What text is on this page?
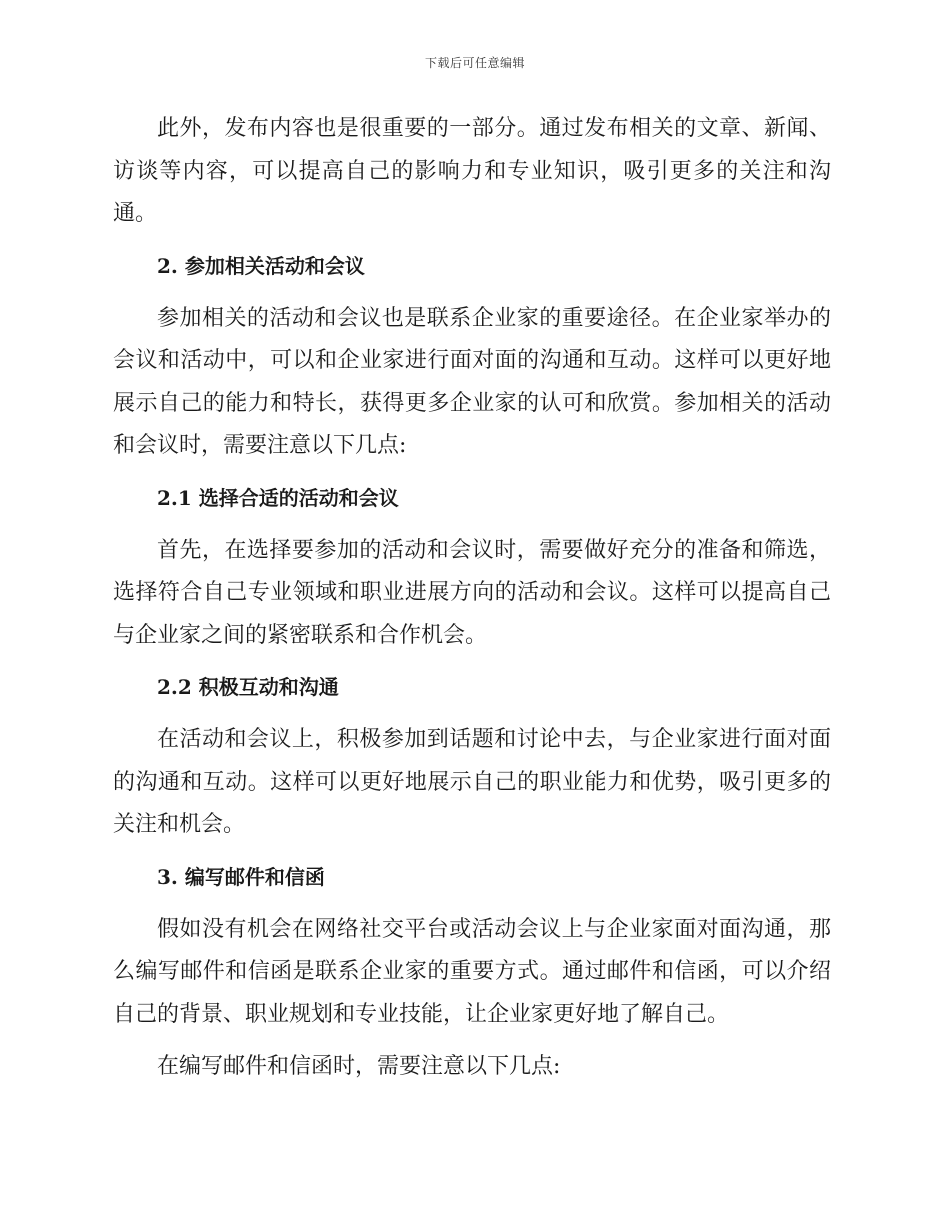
下载后可任意编辑

此外，发布内容也是很重要的一部分。通过发布相关的文章、新闻、访谈等内容，可以提高自己的影响力和专业知识，吸引更多的关注和沟通。

2. 参加相关活动和会议

参加相关的活动和会议也是联系企业家的重要途径。在企业家举办的会议和活动中，可以和企业家进行面对面的沟通和互动。这样可以更好地展示自己的能力和特长，获得更多企业家的认可和欣赏。参加相关的活动和会议时，需要注意以下几点:

2.1 选择合适的活动和会议

首先，在选择要参加的活动和会议时，需要做好充分的准备和筛选，选择符合自己专业领域和职业进展方向的活动和会议。这样可以提高自己与企业家之间的紧密联系和合作机会。

2.2 积极互动和沟通

在活动和会议上，积极参加到话题和讨论中去，与企业家进行面对面的沟通和互动。这样可以更好地展示自己的职业能力和优势，吸引更多的关注和机会。

3. 编写邮件和信函

假如没有机会在网络社交平台或活动会议上与企业家面对面沟通，那么编写邮件和信函是联系企业家的重要方式。通过邮件和信函，可以介绍自己的背景、职业规划和专业技能，让企业家更好地了解自己。

在编写邮件和信函时，需要注意以下几点:
